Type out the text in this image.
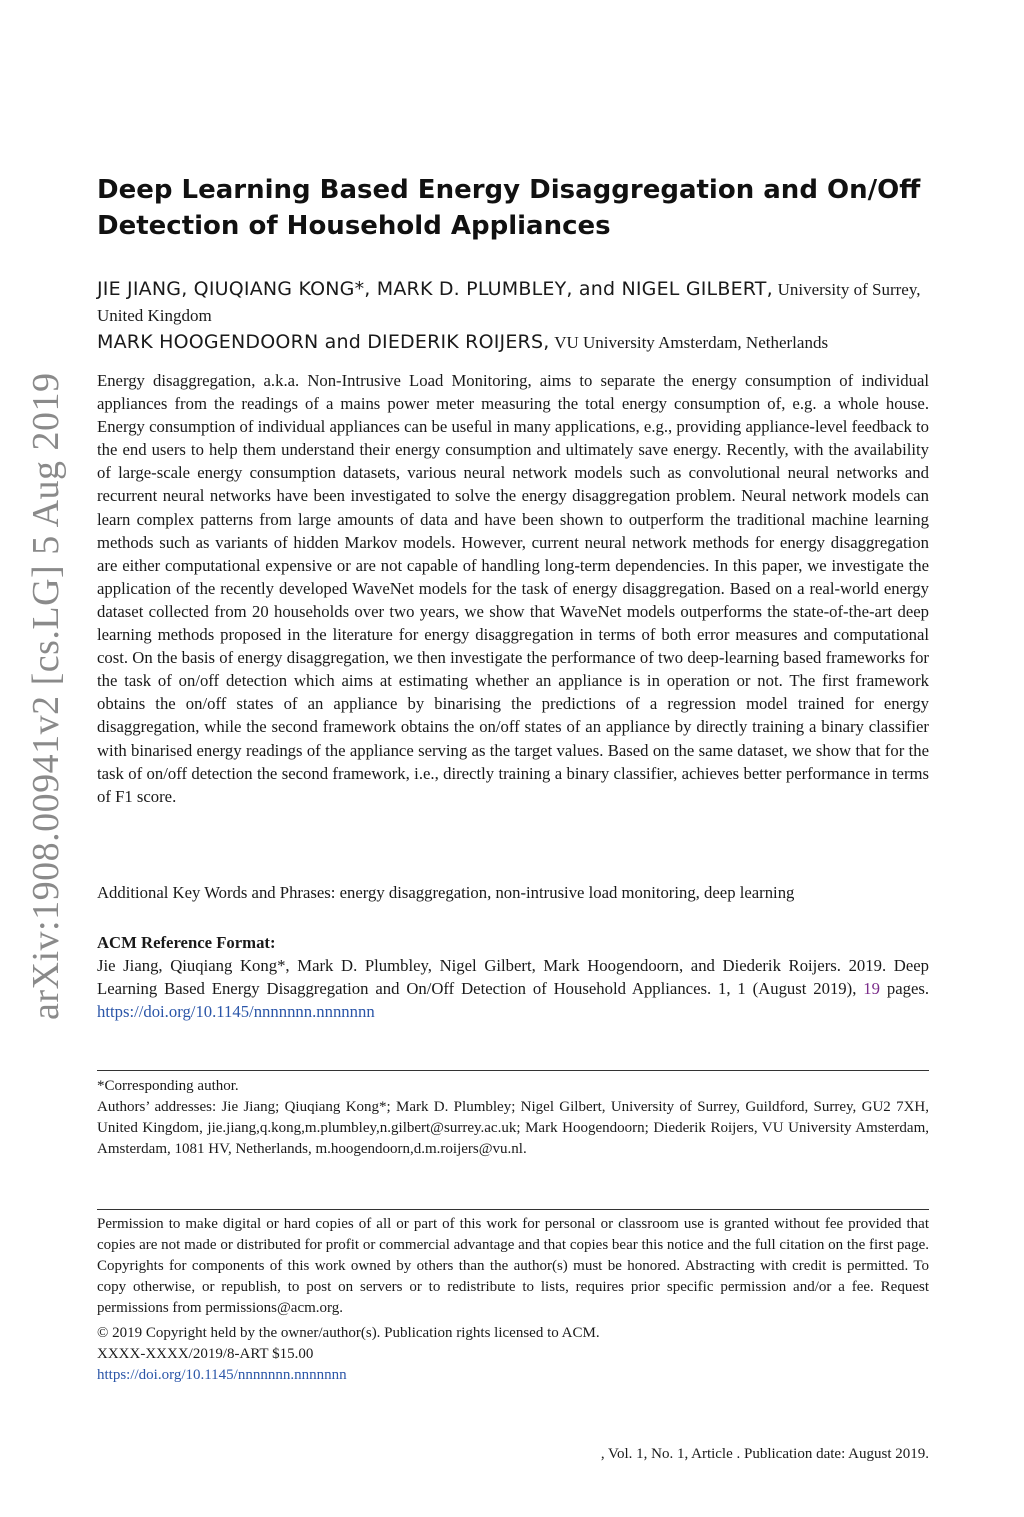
arXiv:1908.00941v2 [cs.LG] 5 Aug 2019
Deep Learning Based Energy Disaggregation and On/Off
Detection of Household Appliances
JIE JIANG, QIUQIANG KONG*, MARK D. PLUMBLEY, and NIGEL GILBERT, University of Surrey, United Kingdom
MARK HOOGENDOORN and DIEDERIK ROIJERS, VU University Amsterdam, Netherlands
Energy disaggregation, a.k.a. Non-Intrusive Load Monitoring, aims to separate the energy consumption of individual appliances from the readings of a mains power meter measuring the total energy consumption of, e.g. a whole house. Energy consumption of individual appliances can be useful in many applications, e.g., providing appliance-level feedback to the end users to help them understand their energy consumption and ultimately save energy. Recently, with the availability of large-scale energy consumption datasets, various neural network models such as convolutional neural networks and recurrent neural networks have been investigated to solve the energy disaggregation problem. Neural network models can learn complex patterns from large amounts of data and have been shown to outperform the traditional machine learning methods such as variants of hidden Markov models. However, current neural network methods for energy disaggregation are either computational expensive or are not capable of handling long-term dependencies. In this paper, we investigate the application of the recently developed WaveNet models for the task of energy disaggregation. Based on a real-world energy dataset collected from 20 households over two years, we show that WaveNet models outperforms the state-of-the-art deep learning methods proposed in the literature for energy disaggregation in terms of both error measures and computational cost. On the basis of energy disaggregation, we then investigate the performance of two deep-learning based frameworks for the task of on/off detection which aims at estimating whether an appliance is in operation or not. The first framework obtains the on/off states of an appliance by binarising the predictions of a regression model trained for energy disaggregation, while the second framework obtains the on/off states of an appliance by directly training a binary classifier with binarised energy readings of the appliance serving as the target values. Based on the same dataset, we show that for the task of on/off detection the second framework, i.e., directly training a binary classifier, achieves better performance in terms of F1 score.
Additional Key Words and Phrases: energy disaggregation, non-intrusive load monitoring, deep learning
ACM Reference Format:
Jie Jiang, Qiuqiang Kong*, Mark D. Plumbley, Nigel Gilbert, Mark Hoogendoorn, and Diederik Roijers. 2019. Deep Learning Based Energy Disaggregation and On/Off Detection of Household Appliances. 1, 1 (August 2019), 19 pages. https://doi.org/10.1145/nnnnnnn.nnnnnnn
*Corresponding author.
Authors’ addresses: Jie Jiang; Qiuqiang Kong*; Mark D. Plumbley; Nigel Gilbert, University of Surrey, Guildford, Surrey, GU2 7XH, United Kingdom, jie.jiang,q.kong,m.plumbley,n.gilbert@surrey.ac.uk; Mark Hoogendoorn; Diederik Roijers, VU University Amsterdam, Amsterdam, 1081 HV, Netherlands, m.hoogendoorn,d.m.roijers@vu.nl.
Permission to make digital or hard copies of all or part of this work for personal or classroom use is granted without fee provided that copies are not made or distributed for profit or commercial advantage and that copies bear this notice and the full citation on the first page. Copyrights for components of this work owned by others than the author(s) must be honored. Abstracting with credit is permitted. To copy otherwise, or republish, to post on servers or to redistribute to lists, requires prior specific permission and/or a fee. Request permissions from permissions@acm.org.
© 2019 Copyright held by the owner/author(s). Publication rights licensed to ACM.
XXXX-XXXX/2019/8-ART $15.00
https://doi.org/10.1145/nnnnnnn.nnnnnnn
, Vol. 1, No. 1, Article . Publication date: August 2019.
